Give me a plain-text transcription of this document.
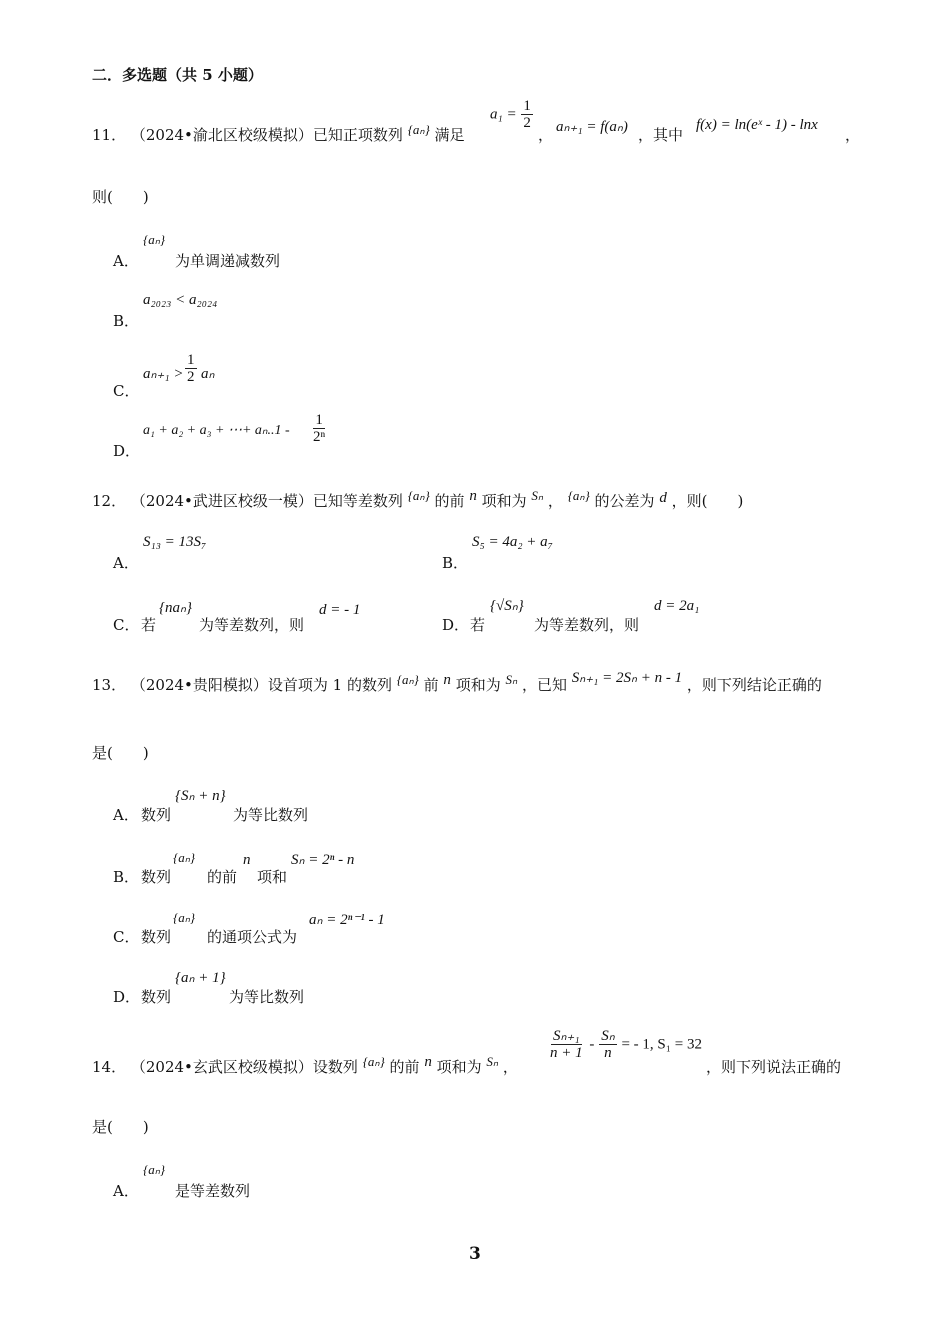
二．多选题（共 5 小题）
11． （2024•渝北区校级模拟）已知正项数列 {aₙ} 满足
$a_1 = \frac{1}{2}$
， aₙ₊₁ = f(aₙ) ，其中
f(x) = ln(eˣ - 1) - lnx
，
则(　　)
A．
{aₙ}
为单调递减数列
B．
a₂₀₂₃ < a₂₀₂₄
C．
$a_{n+1} > \frac{1}{2}$ aₙ
D．
a₁ + a₂ + a₃ + ⋯+ $a_n..1 - \frac{1}{\text{2ⁿ}}$
12． （2024•武进区校级一模）已知等差数列 {aₙ} 的前 n 项和为 Sₙ ， {aₙ} 的公差为 d ，则(　　)
A．
S₁₃ = 13S₇
B．
S₅ = 4a₂ + a₇
C． 若
{naₙ}
为等差数列，则
d = - 1
D． 若
{√Sₙ}
为等差数列，则
d = 2a₁
13． （2024•贵阳模拟）设首项为 1 的数列 {aₙ} 前 n 项和为 Sₙ ，已知 Sₙ₊₁ = 2Sₙ + n - 1 ，则下列结论正确的
是(　　)
A． 数列
{Sₙ + n}
为等比数列
B． 数列
{aₙ}
的前
n
项和
Sₙ = 2ⁿ - n
C． 数列
{aₙ}
的通项公式为
aₙ = 2ⁿ⁻¹ - 1
D． 数列
{aₙ + 1}
为等比数列
14． （2024•玄武区校级模拟）设数列 {aₙ} 的前 n 项和为 Sₙ ，
$\frac{\text{Sₙ₊₁}}{n + 1} - \frac{\text{Sₙ}}{n}$ = - 1, S₁ = 32
，则下列说法正确的
是(　　)
A．
{aₙ}
是等差数列
3
